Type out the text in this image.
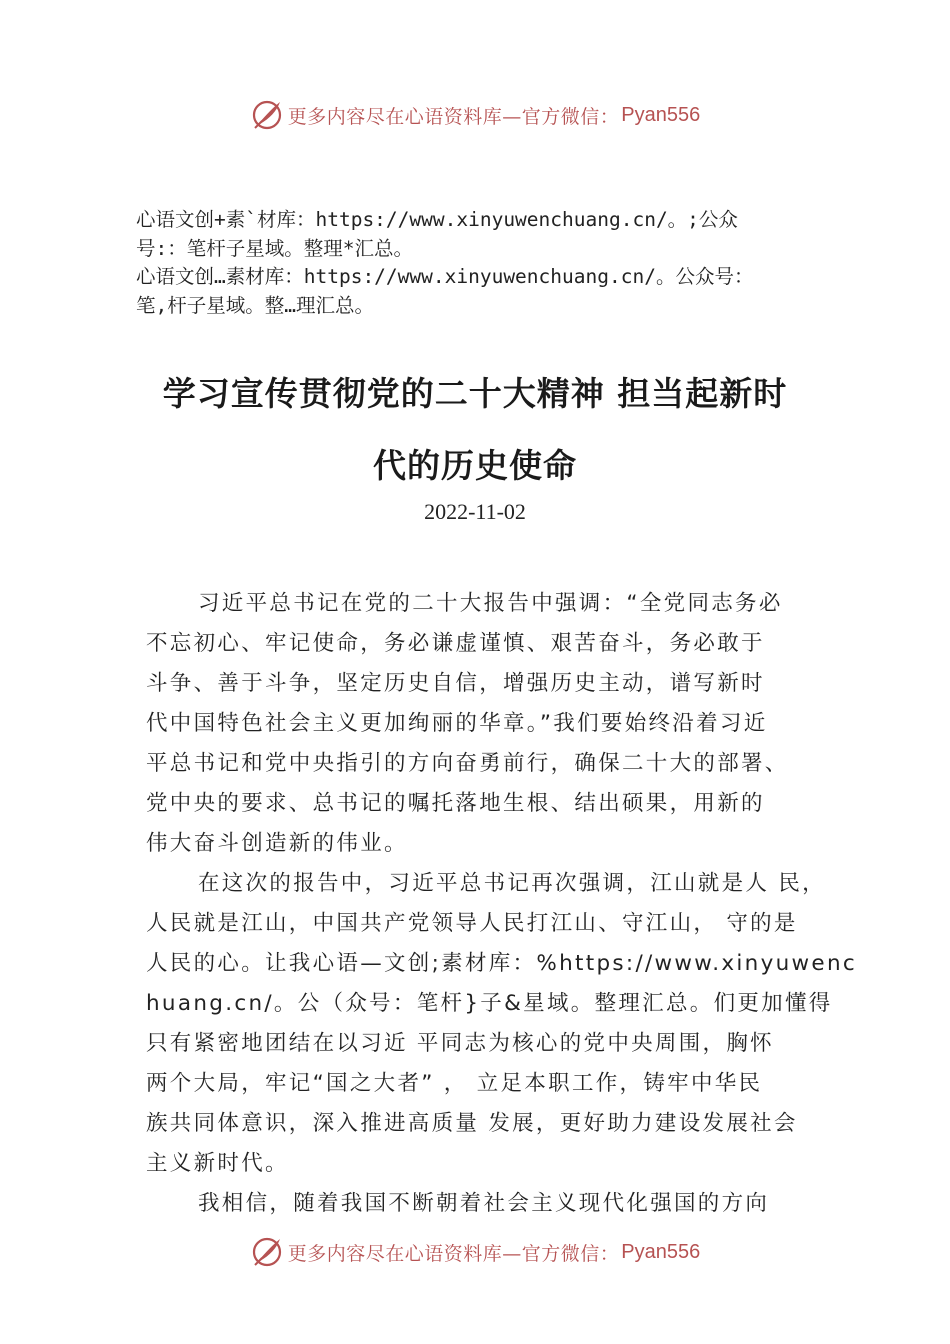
更多内容尽在心语资料库—官方微信： Pyan556
心语文创+素`材库：https://www.xinyuwenchuang.cn/。;公众
号:：笔杆子星域。整理*汇总。
心语文创…素材库：https://www.xinyuwenchuang.cn/。公众号：
笔,杆子星域。整…理汇总。
学习宣传贯彻党的二十大精神 担当起新时
代的历史使命
2022-11-02
习近平总书记在党的二十大报告中强调：“全党同志务必
不忘初心、牢记使命，务必谦虚谨慎、艰苦奋斗，务必敢于
斗争、善于斗争，坚定历史自信，增强历史主动，谱写新时
代中国特色社会主义更加绚丽的华章。”我们要始终沿着习近
平总书记和党中央指引的方向奋勇前行，确保二十大的部署、
党中央的要求、总书记的嘱托落地生根、结出硕果，用新的
伟大奋斗创造新的伟业。
在这次的报告中，习近平总书记再次强调，江山就是人 民，
人民就是江山，中国共产党领导人民打江山、守江山， 守的是
人民的心。让我心语—文创;素材库：%https://www.xinyuwenc
huang.cn/。公（众号：笔杆}子&星域。整理汇总。们更加懂得
只有紧密地团结在以习近 平同志为核心的党中央周围，胸怀
两个大局，牢记“国之大者” ， 立足本职工作，铸牢中华民
族共同体意识，深入推进高质量 发展，更好助力建设发展社会
主义新时代。
我相信，随着我国不断朝着社会主义现代化强国的方向
更多内容尽在心语资料库—官方微信： Pyan556
